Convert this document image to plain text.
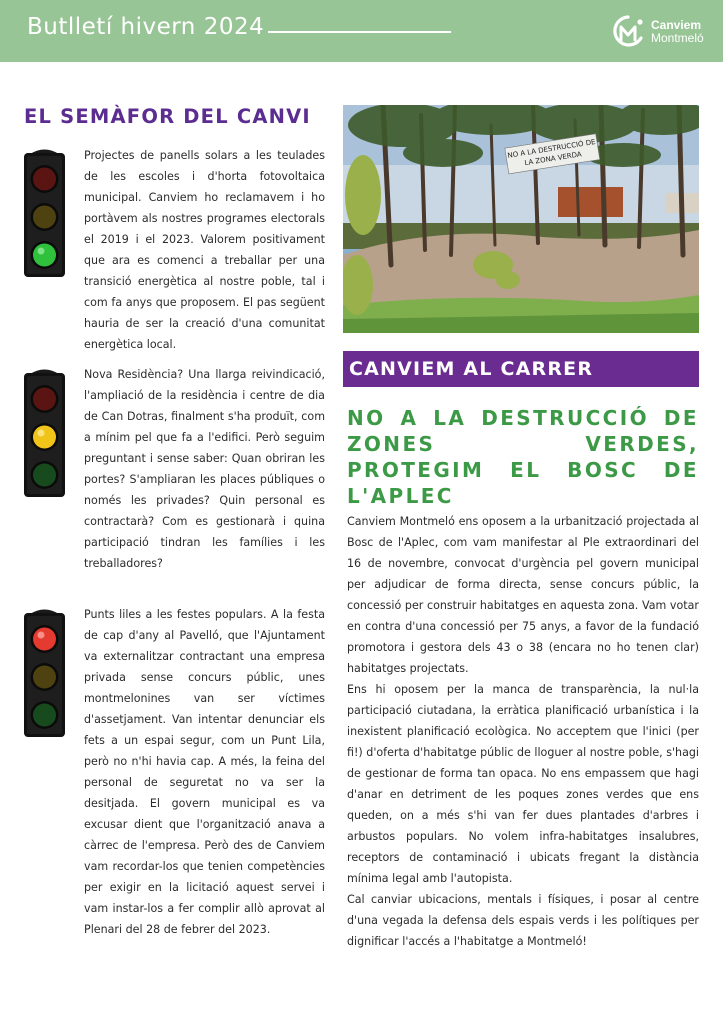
Butlletí hivern 2024	Canviem
Montmeló
EL SEMÀFOR DEL CANVI
Projectes de panells solars a les teulades de les escoles i d'horta fotovoltaica municipal. Canviem ho reclamavem i ho portàvem als nostres programes electorals el 2019 i el 2023. Valorem positivament que ara es comenci a treballar per una transició energètica al nostre poble, tal i com fa anys que proposem. El pas següent hauria de ser la creació d'una comunitat energètica local.
Nova Residència? Una llarga reivindicació, l'ampliació de la residència i centre de dia de Can Dotras, finalment s'ha produït, com a mínim pel que fa a l'edifici. Però seguim preguntant i sense saber: Quan obriran les portes? S'ampliaran les places públiques o només les privades? Quin personal es contractarà? Com es gestionarà i quina participació tindran les famílies i les treballadores?
Punts liles a les festes populars. A la festa de cap d'any al Pavelló, que l'Ajuntament va externalitzar contractant una empresa privada sense concurs públic, unes montmelonines van ser víctimes d'assetjament. Van intentar denunciar els fets a un espai segur, com un Punt Lila, però no n'hi havia cap. A més, la feina del personal de seguretat no va ser la desitjada. El govern municipal es va excusar dient que l'organització anava a càrrec de l'empresa. Però des de Canviem vam recordar-los que tenien competències per exigir en la licitació aquest servei i vam instar-los a fer complir allò aprovat al Plenari del 28 de febrer del 2023.
NO A LA DESTRUCCIÓ DE LA ZONA VERDA
CANVIEM AL CARRER
NO A LA DESTRUCCIÓ DE ZONES VERDES, PROTEGIM EL BOSC DE L'APLEC
Canviem Montmeló ens oposem a la urbanització projectada al Bosc de l'Aplec, com vam manifestar al Ple extraordinari del 16 de novembre, convocat d'urgència pel govern municipal per adjudicar de forma directa, sense concurs públic, la concessió per construir habitatges en aquesta zona. Vam votar en contra d'una concessió per 75 anys, a favor de la fundació promotora i gestora dels 43 o 38 (encara no ho tenen clar) habitatges projectats.
Ens hi oposem per la manca de transparència, la nul·la participació ciutadana, la erràtica planificació urbanística i la inexistent planificació ecològica. No acceptem que l'inici (per fi!) d'oferta d'habitatge públic de lloguer al nostre poble, s'hagi de gestionar de forma tan opaca. No ens empassem que hagi d'anar en detriment de les poques zones verdes que ens queden, on a més s'hi van fer dues plantades d'arbres i arbustos populars. No volem infra-habitatges insalubres, receptors de contaminació i ubicats fregant la distància mínima legal amb l'autopista.
Cal canviar ubicacions, mentals i físiques, i posar al centre d'una vegada la defensa dels espais verds i les polítiques per dignificar l'accés a l'habitatge a Montmeló!
